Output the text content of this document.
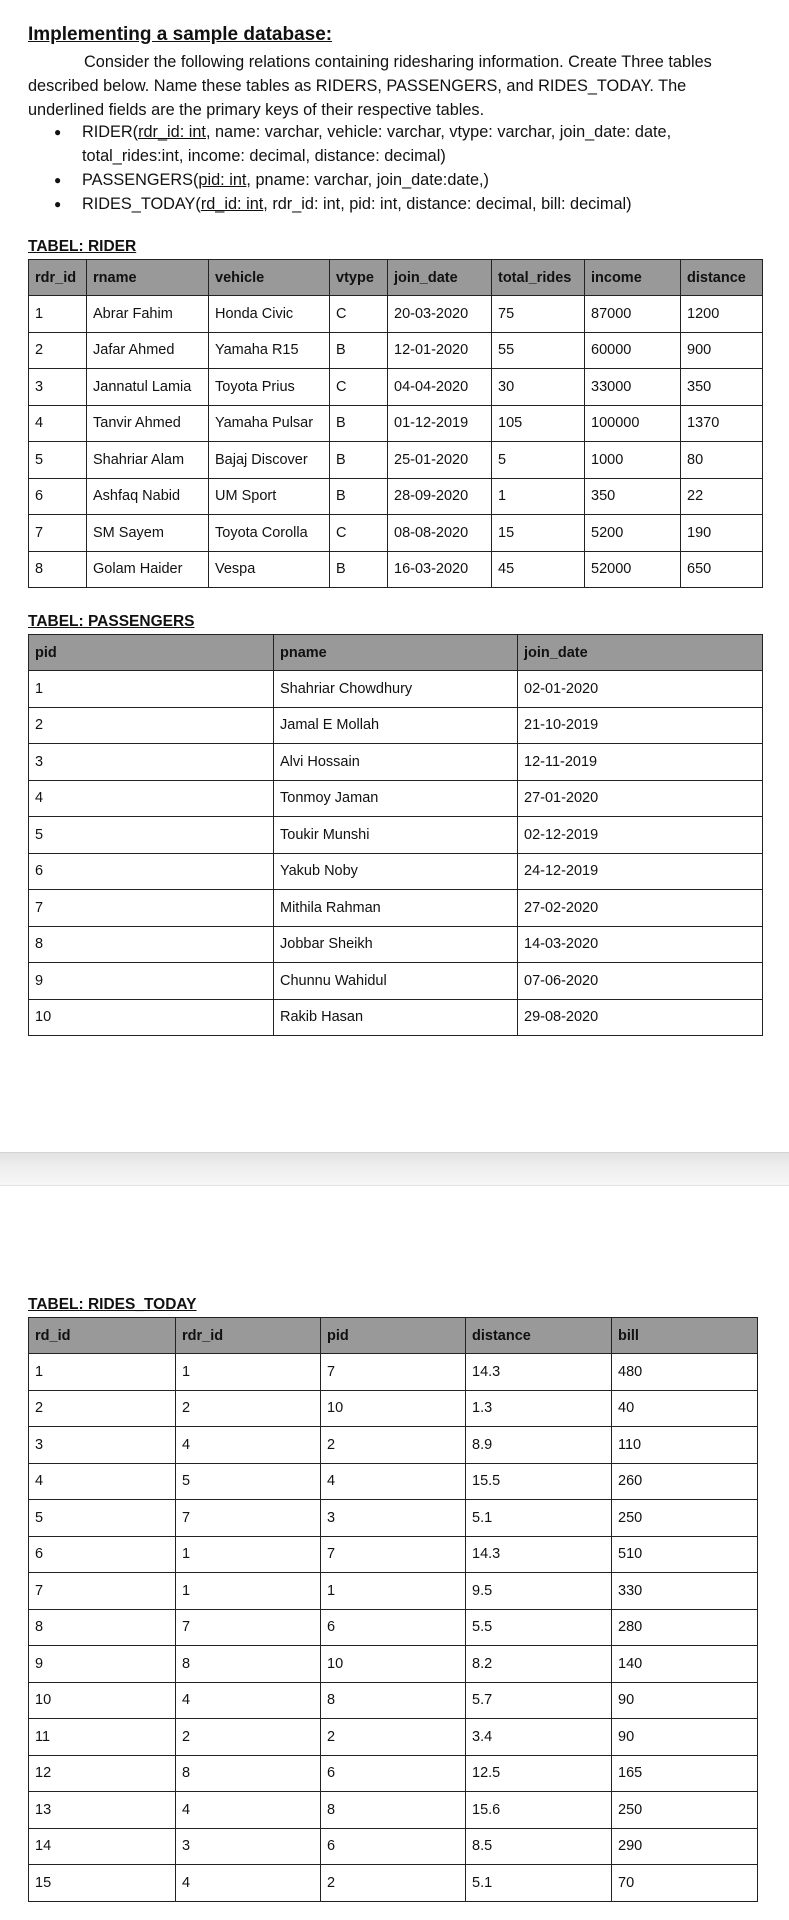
Implementing a sample database:

Consider the following relations containing ridesharing information. Create Three tables described below. Name these tables as RIDERS, PASSENGERS, and RIDES_TODAY. The underlined fields are the primary keys of their respective tables.

● RIDER(rdr_id: int, name: varchar, vehicle: varchar, vtype: varchar, join_date: date, total_rides:int, income: decimal, distance: decimal)
● PASSENGERS(pid: int, pname: varchar, join_date:date,)
● RIDES_TODAY(rd_id: int, rdr_id: int, pid: int, distance: decimal, bill: decimal)
TABEL: RIDER
rdr_id	rname	vehicle	vtype	join_date	total_rides	income	distance
1	Abrar Fahim	Honda Civic	C	20-03-2020	75	87000	1200
2	Jafar Ahmed	Yamaha R15	B	12-01-2020	55	60000	900
3	Jannatul Lamia	Toyota Prius	C	04-04-2020	30	33000	350
4	Tanvir Ahmed	Yamaha Pulsar	B	01-12-2019	105	100000	1370
5	Shahriar Alam	Bajaj Discover	B	25-01-2020	5	1000	80
6	Ashfaq Nabid	UM Sport	B	28-09-2020	1	350	22
7	SM Sayem	Toyota Corolla	C	08-08-2020	15	5200	190
8	Golam Haider	Vespa	B	16-03-2020	45	52000	650
TABEL: PASSENGERS
pid	pname	join_date
1	Shahriar Chowdhury	02-01-2020
2	Jamal E Mollah	21-10-2019
3	Alvi Hossain	12-11-2019
4	Tonmoy Jaman	27-01-2020
5	Toukir Munshi	02-12-2019
6	Yakub Noby	24-12-2019
7	Mithila Rahman	27-02-2020
8	Jobbar Sheikh	14-03-2020
9	Chunnu Wahidul	07-06-2020
10	Rakib Hasan	29-08-2020
TABEL: RIDES_TODAY
rd_id	rdr_id	pid	distance	bill
1	1	7	14.3	480
2	2	10	1.3	40
3	4	2	8.9	110
4	5	4	15.5	260
5	7	3	5.1	250
6	1	7	14.3	510
7	1	1	9.5	330
8	7	6	5.5	280
9	8	10	8.2	140
10	4	8	5.7	90
11	2	2	3.4	90
12	8	6	12.5	165
13	4	8	15.6	250
14	3	6	8.5	290
15	4	2	5.1	70
